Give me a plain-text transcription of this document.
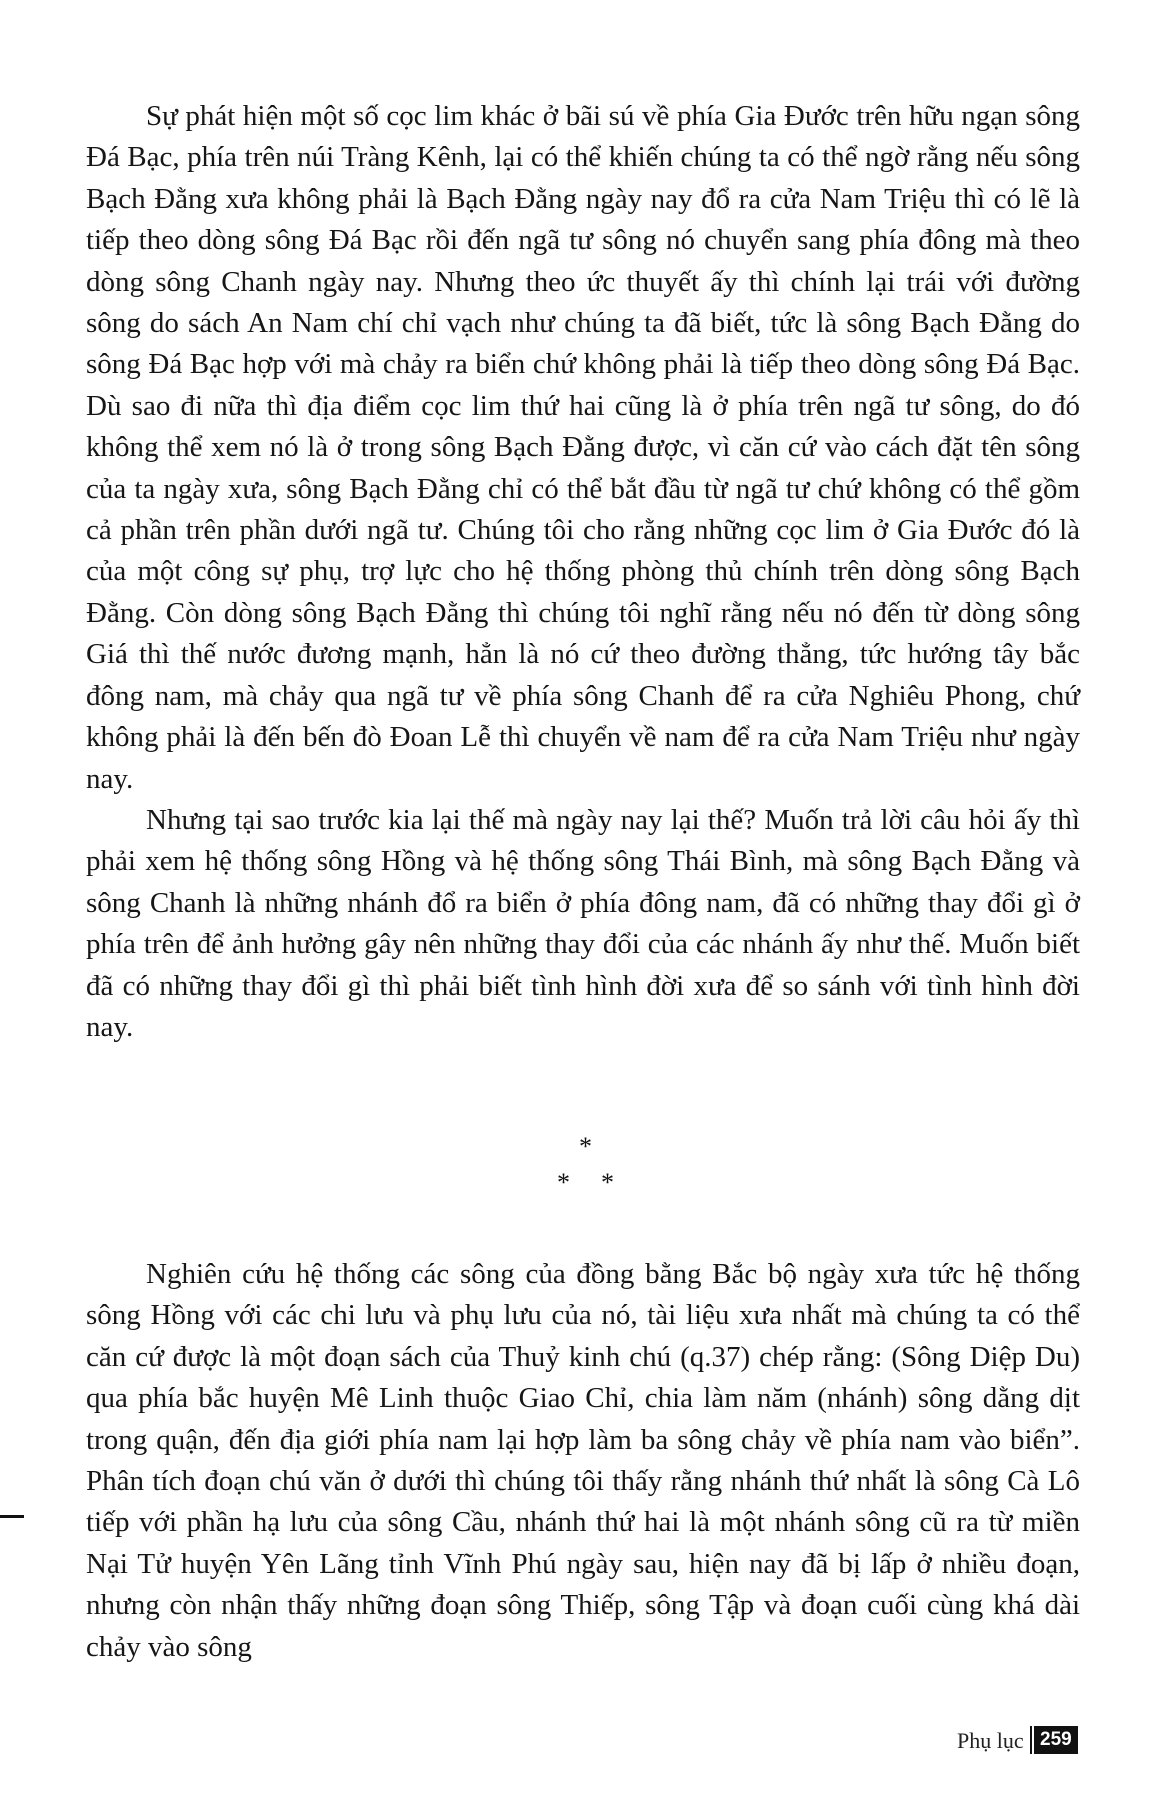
Sự phát hiện một số cọc lim khác ở bãi sú về phía Gia Đước trên hữu ngạn sông Đá Bạc, phía trên núi Tràng Kênh, lại có thể khiến chúng ta có thể ngờ rằng nếu sông Bạch Đằng xưa không phải là Bạch Đằng ngày nay đổ ra cửa Nam Triệu thì có lẽ là tiếp theo dòng sông Đá Bạc rồi đến ngã tư sông nó chuyển sang phía đông mà theo dòng sông Chanh ngày nay. Nhưng theo ức thuyết ấy thì chính lại trái với đường sông do sách An Nam chí chỉ vạch như chúng ta đã biết, tức là sông Bạch Đằng do sông Đá Bạc hợp với mà chảy ra biển chứ không phải là tiếp theo dòng sông Đá Bạc. Dù sao đi nữa thì địa điểm cọc lim thứ hai cũng là ở phía trên ngã tư sông, do đó không thể xem nó là ở trong sông Bạch Đằng được, vì căn cứ vào cách đặt tên sông của ta ngày xưa, sông Bạch Đằng chỉ có thể bắt đầu từ ngã tư chứ không có thể gồm cả phần trên phần dưới ngã tư. Chúng tôi cho rằng những cọc lim ở Gia Đước đó là của một công sự phụ, trợ lực cho hệ thống phòng thủ chính trên dòng sông Bạch Đằng. Còn dòng sông Bạch Đằng thì chúng tôi nghĩ rằng nếu nó đến từ dòng sông Giá thì thế nước đương mạnh, hẳn là nó cứ theo đường thẳng, tức hướng tây bắc đông nam, mà chảy qua ngã tư về phía sông Chanh để ra cửa Nghiêu Phong, chứ không phải là đến bến đò Đoan Lễ thì chuyển về nam để ra cửa Nam Triệu như ngày nay.

Nhưng tại sao trước kia lại thế mà ngày nay lại thế? Muốn trả lời câu hỏi ấy thì phải xem hệ thống sông Hồng và hệ thống sông Thái Bình, mà sông Bạch Đằng và sông Chanh là những nhánh đổ ra biển ở phía đông nam, đã có những thay đổi gì ở phía trên để ảnh hưởng gây nên những thay đổi của các nhánh ấy như thế. Muốn biết đã có những thay đổi gì thì phải biết tình hình đời xưa để so sánh với tình hình đời nay.

*
* *

Nghiên cứu hệ thống các sông của đồng bằng Bắc bộ ngày xưa tức hệ thống sông Hồng với các chi lưu và phụ lưu của nó, tài liệu xưa nhất mà chúng ta có thể căn cứ được là một đoạn sách của Thuỷ kinh chú (q.37) chép rằng: (Sông Diệp Du) qua phía bắc huyện Mê Linh thuộc Giao Chỉ, chia làm năm (nhánh) sông dằng dịt trong quận, đến địa giới phía nam lại hợp làm ba sông chảy về phía nam vào biển”. Phân tích đoạn chú văn ở dưới thì chúng tôi thấy rằng nhánh thứ nhất là sông Cà Lô tiếp với phần hạ lưu của sông Cầu, nhánh thứ hai là một nhánh sông cũ ra từ miền Nại Tử huyện Yên Lãng tỉnh Vĩnh Phú ngày sau, hiện nay đã bị lấp ở nhiều đoạn, nhưng còn nhận thấy những đoạn sông Thiếp, sông Tập và đoạn cuối cùng khá dài chảy vào sông

Phụ lục 259
